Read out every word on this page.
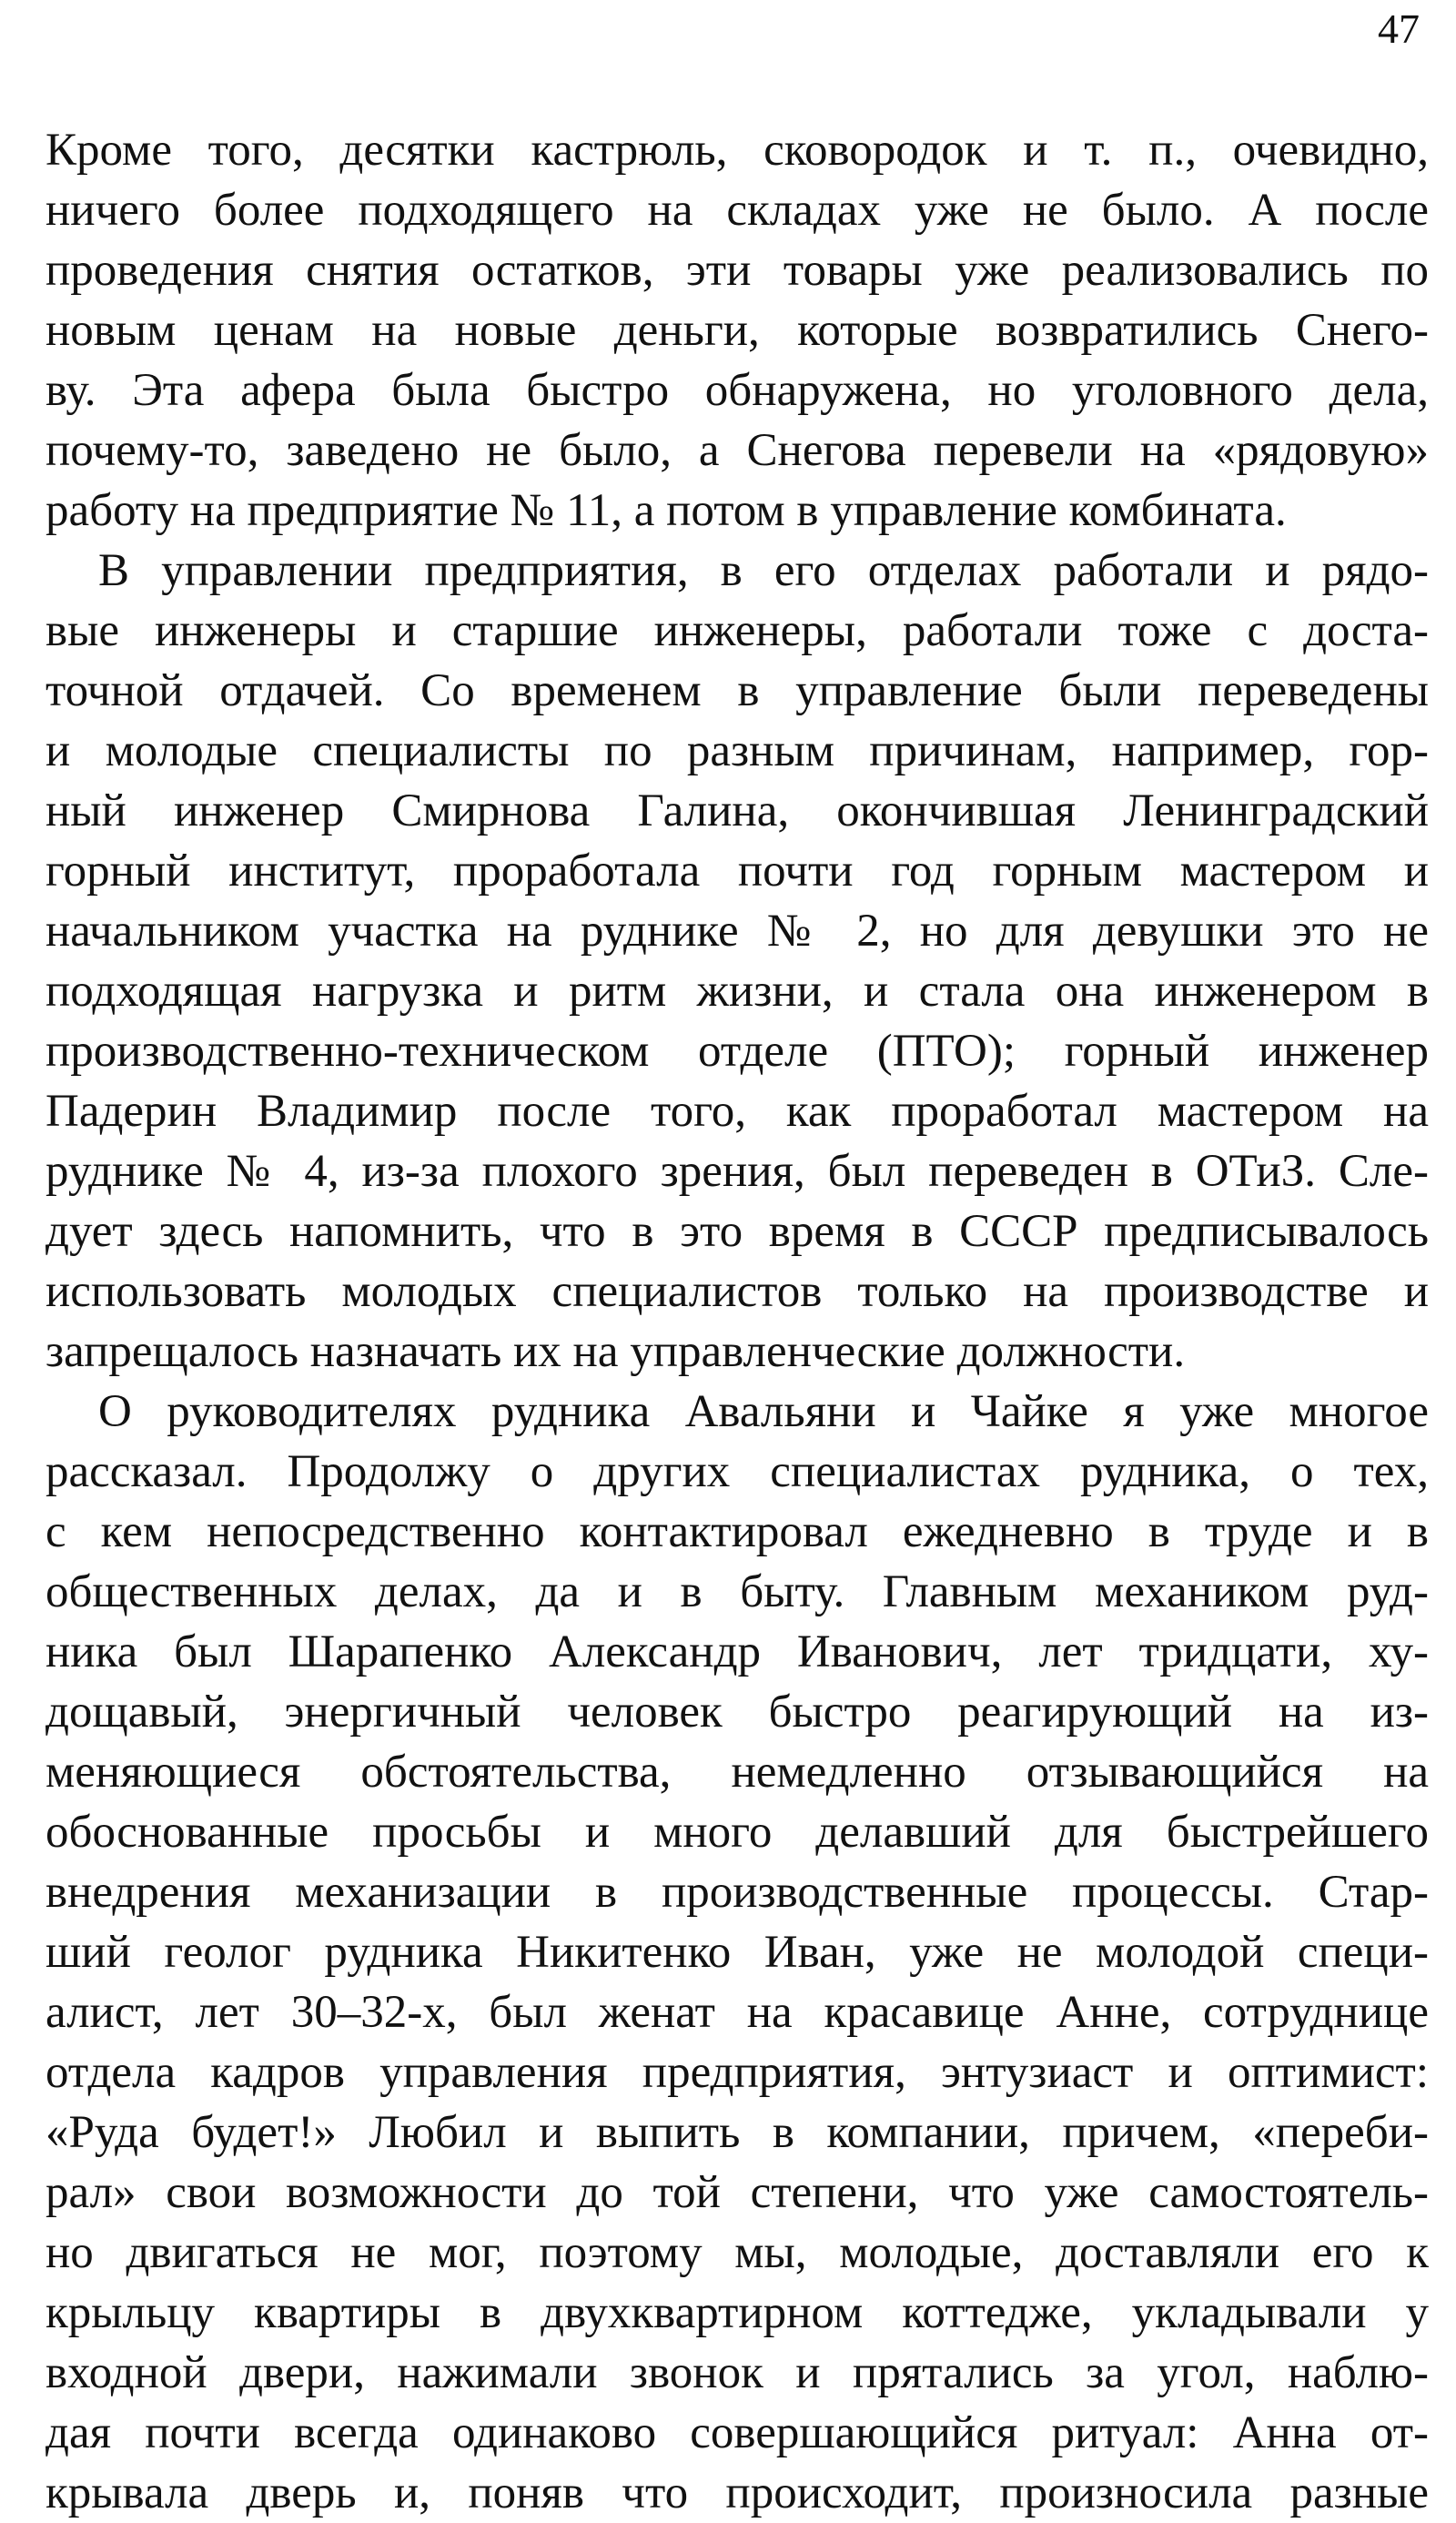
47
Кроме того, десятки кастрюль, сковородок и т. п., очевидно,
ничего более подходящего на складах уже не было. А после
проведения снятия остатков, эти товары уже реализовались по
новым ценам на новые деньги, которые возвратились Снего-
ву. Эта афера была быстро обнаружена, но уголовного дела,
почему-то, заведено не было, а Снегова перевели на «рядовую»
работу на предприятие № 11, а потом в управление комбината.
В управлении предприятия, в его отделах работали и рядо-
вые инженеры и старшие инженеры, работали тоже с доста-
точной отдачей. Со временем в управление были переведены
и молодые специалисты по разным причинам, например, гор-
ный инженер Смирнова Галина, окончившая Ленинградский
горный институт, проработала почти год горным мастером и
начальником участка на руднике № 2, но для девушки это не
подходящая нагрузка и ритм жизни, и стала она инженером в
производственно-техническом отделе (ПТО); горный инженер
Падерин Владимир после того, как проработал мастером на
руднике № 4, из-за плохого зрения, был переведен в ОТиЗ. Сле-
дует здесь напомнить, что в это время в СССР предписывалось
использовать молодых специалистов только на производстве и
запрещалось назначать их на управленческие должности.
О руководителях рудника Авальяни и Чайке я уже многое
рассказал. Продолжу о других специалистах рудника, о тех,
с кем непосредственно контактировал ежедневно в труде и в
общественных делах, да и в быту. Главным механиком руд-
ника был Шарапенко Александр Иванович, лет тридцати, ху-
дощавый, энергичный человек быстро реагирующий на из-
меняющиеся обстоятельства, немедленно отзывающийся на
обоснованные просьбы и много делавший для быстрейшего
внедрения механизации в производственные процессы. Стар-
ший геолог рудника Никитенко Иван, уже не молодой специ-
алист, лет 30–32-х, был женат на красавице Анне, сотруднице
отдела кадров управления предприятия, энтузиаст и оптимист:
«Руда будет!» Любил и выпить в компании, причем, «переби-
рал» свои возможности до той степени, что уже самостоятель-
но двигаться не мог, поэтому мы, молодые, доставляли его к
крыльцу квартиры в двухквартирном коттедже, укладывали у
входной двери, нажимали звонок и прятались за угол, наблю-
дая почти всегда одинаково совершающийся ритуал: Анна от-
крывала дверь и, поняв что происходит, произносила разные
